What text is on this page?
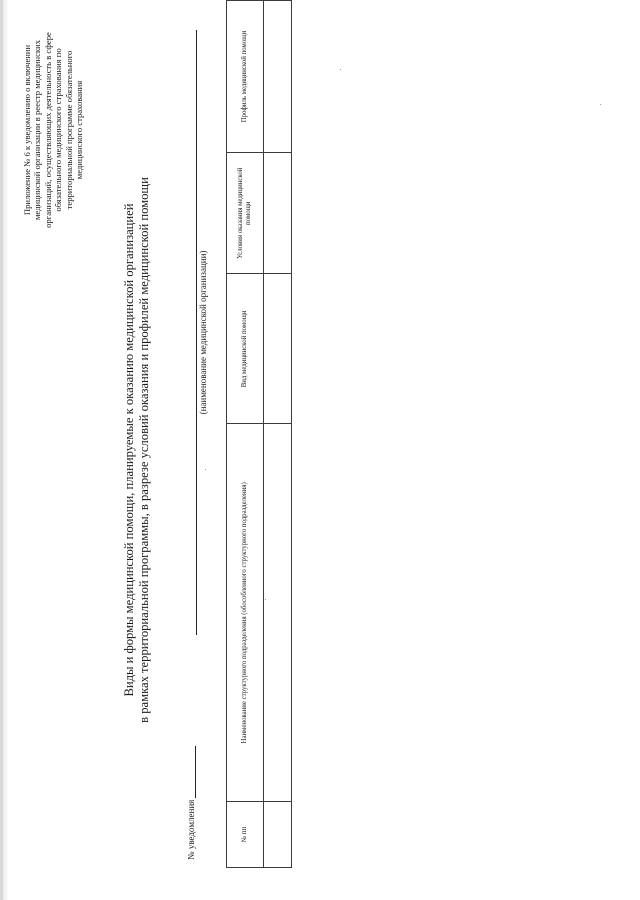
Приложение № 6 к уведомлению о включении медицинской организации в реестр медицинских организаций, осуществляющих деятельность в сфере обязательного медицинского страхования по территориальной программе обязательного медицинского страхования
Виды и формы медицинской помощи, планируемые к оказанию медицинской организацией в рамках территориальной программы, в разрезе условий оказания и профилей медицинской помощи
№ уведомления
(наименование медицинской организации)
№ пп	Наименование структурного подразделения (обособленного структурного подразделения)	Вид медицинской помощи	Условия оказания медицинской помощи	Профиль медицинской помощи
